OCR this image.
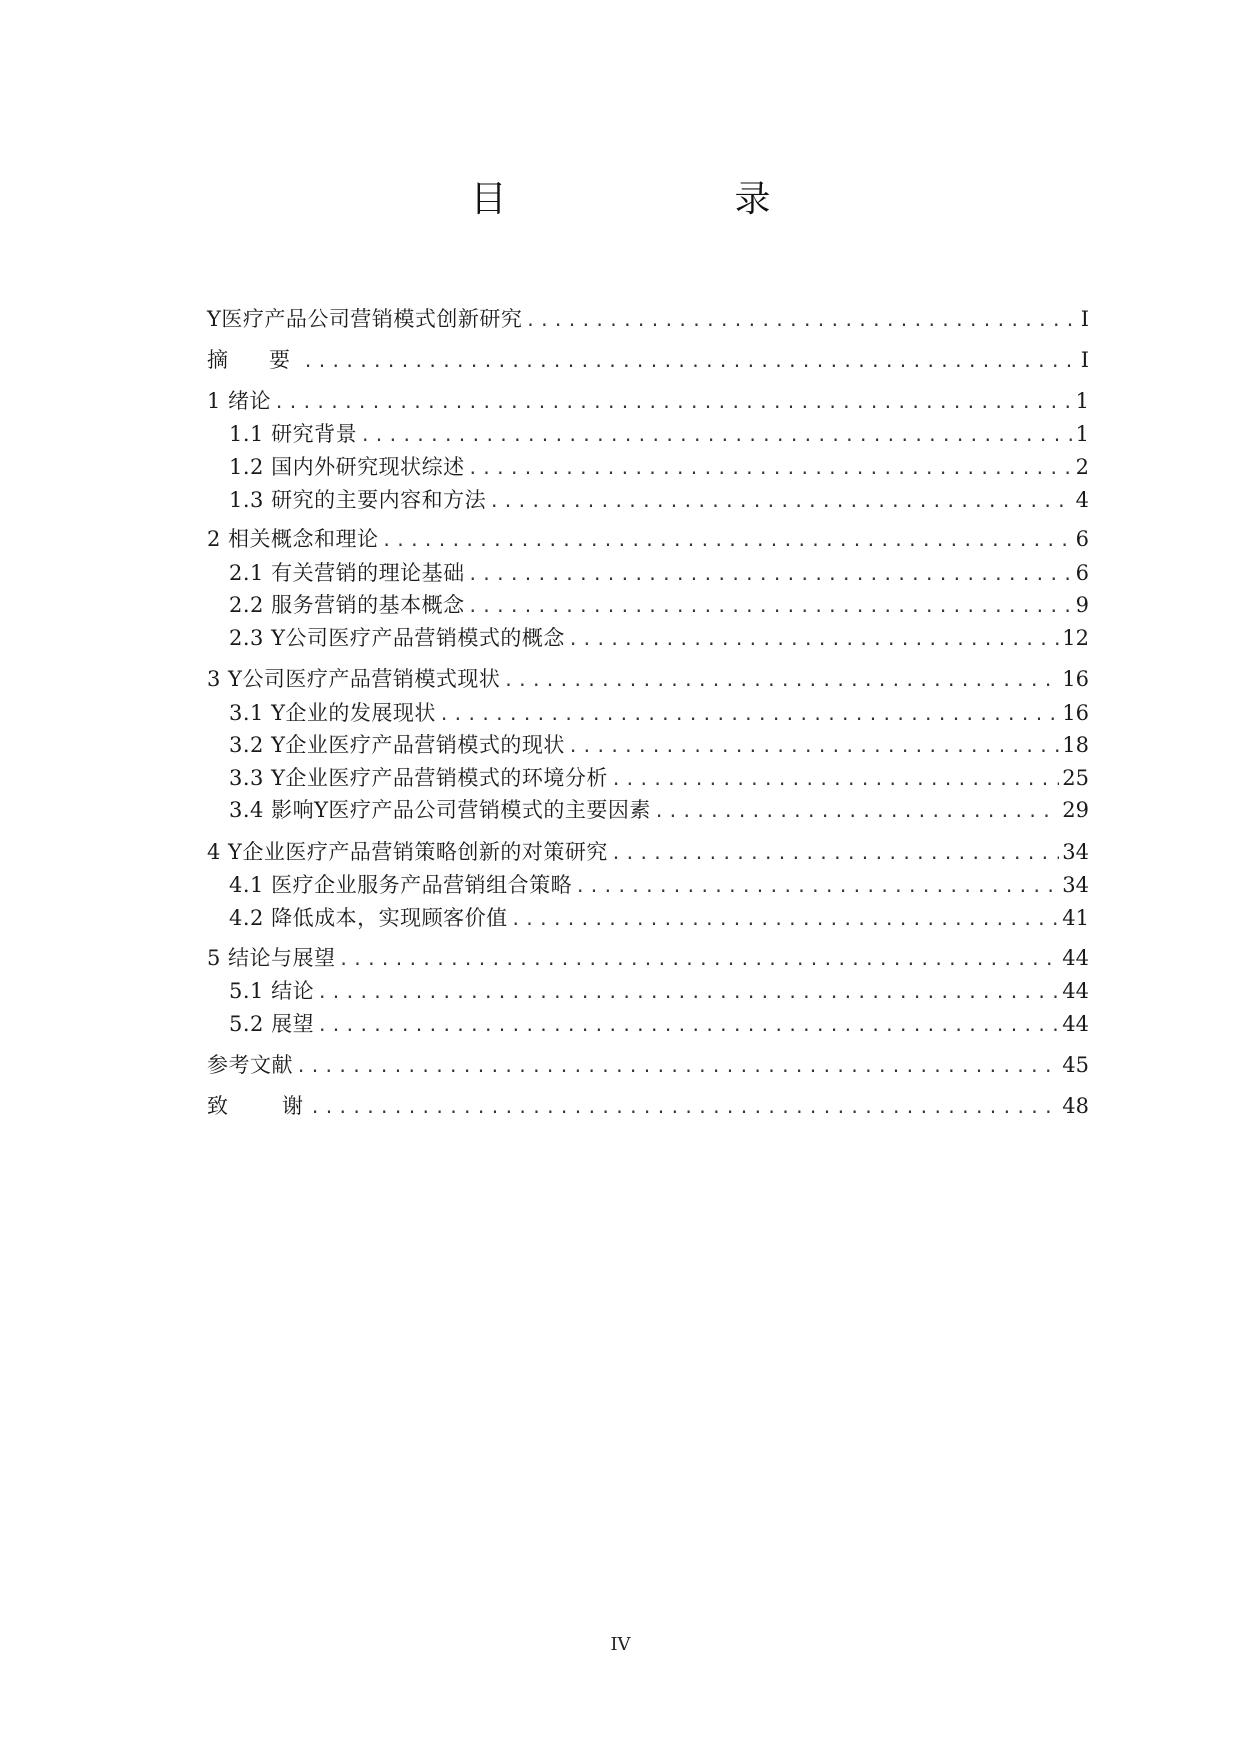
目　　录
Y医疗产品公司营销模式创新研究 .....	I
摘　要 .....	I
1 绪论 .....	1
1.1 研究背景 .....	1
1.2 国内外研究现状综述 .....	2
1.3 研究的主要内容和方法 .....	4
2 相关概念和理论 .....	6
2.1 有关营销的理论基础 .....	6
2.2 服务营销的基本概念 .....	9
2.3 Y公司医疗产品营销模式的概念 .....	12
3 Y公司医疗产品营销模式现状 .....	16
3.1 Y企业的发展现状 .....	16
3.2 Y企业医疗产品营销模式的现状 .....	18
3.3 Y企业医疗产品营销模式的环境分析 .....	25
3.4 影响Y医疗产品公司营销模式的主要因素 .....	29
4 Y企业医疗产品营销策略创新的对策研究 .....	34
4.1 医疗企业服务产品营销组合策略 .....	34
4.2 降低成本，实现顾客价值 .....	41
5 结论与展望 .....	44
5.1 结论 .....	44
5.2 展望 .....	44
参考文献 .....	45
致　　谢 .....	48
IV
